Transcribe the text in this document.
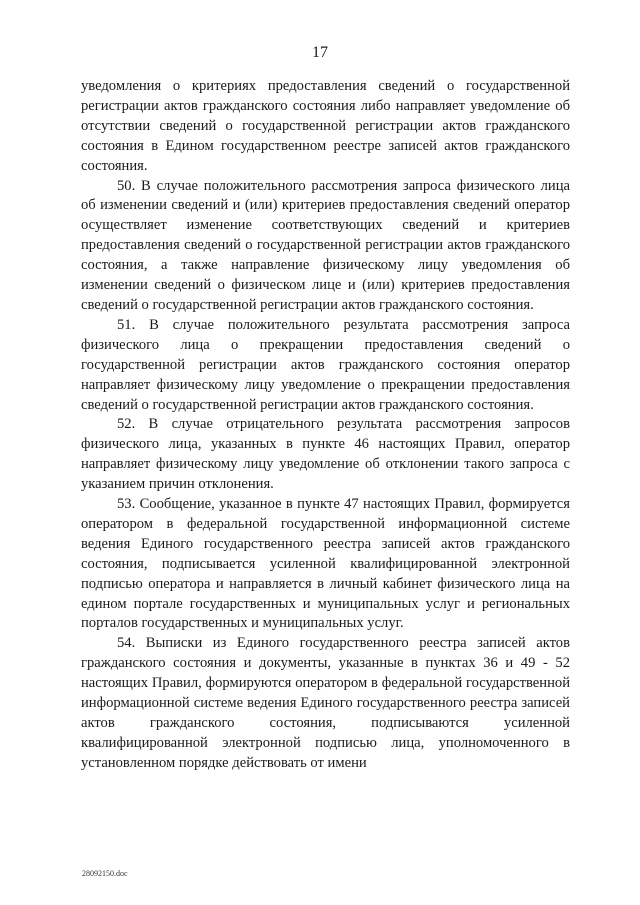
17

уведомления о критериях предоставления сведений о государственной регистрации актов гражданского состояния либо направляет уведомление об отсутствии сведений о государственной регистрации актов гражданского состояния в Едином государственном реестре записей актов гражданского состояния.

50. В случае положительного рассмотрения запроса физического лица об изменении сведений и (или) критериев предоставления сведений оператор осуществляет изменение соответствующих сведений и критериев предоставления сведений о государственной регистрации актов гражданского состояния, а также направление физическому лицу уведомления об изменении сведений о физическом лице и (или) критериев предоставления сведений о государственной регистрации актов гражданского состояния.

51. В случае положительного результата рассмотрения запроса физического лица о прекращении предоставления сведений о государственной регистрации актов гражданского состояния оператор направляет физическому лицу уведомление о прекращении предоставления сведений о государственной регистрации актов гражданского состояния.

52. В случае отрицательного результата рассмотрения запросов физического лица, указанных в пункте 46 настоящих Правил, оператор направляет физическому лицу уведомление об отклонении такого запроса с указанием причин отклонения.

53. Сообщение, указанное в пункте 47 настоящих Правил, формируется оператором в федеральной государственной информационной системе ведения Единого государственного реестра записей актов гражданского состояния, подписывается усиленной квалифицированной электронной подписью оператора и направляется в личный кабинет физического лица на едином портале государственных и муниципальных услуг и региональных порталов государственных и муниципальных услуг.

54. Выписки из Единого государственного реестра записей актов гражданского состояния и документы, указанные в пунктах 36 и 49 - 52 настоящих Правил, формируются оператором в федеральной государственной информационной системе ведения Единого государственного реестра записей актов гражданского состояния, подписываются усиленной квалифицированной электронной подписью лица, уполномоченного в установленном порядке действовать от имени

28092150.doc
